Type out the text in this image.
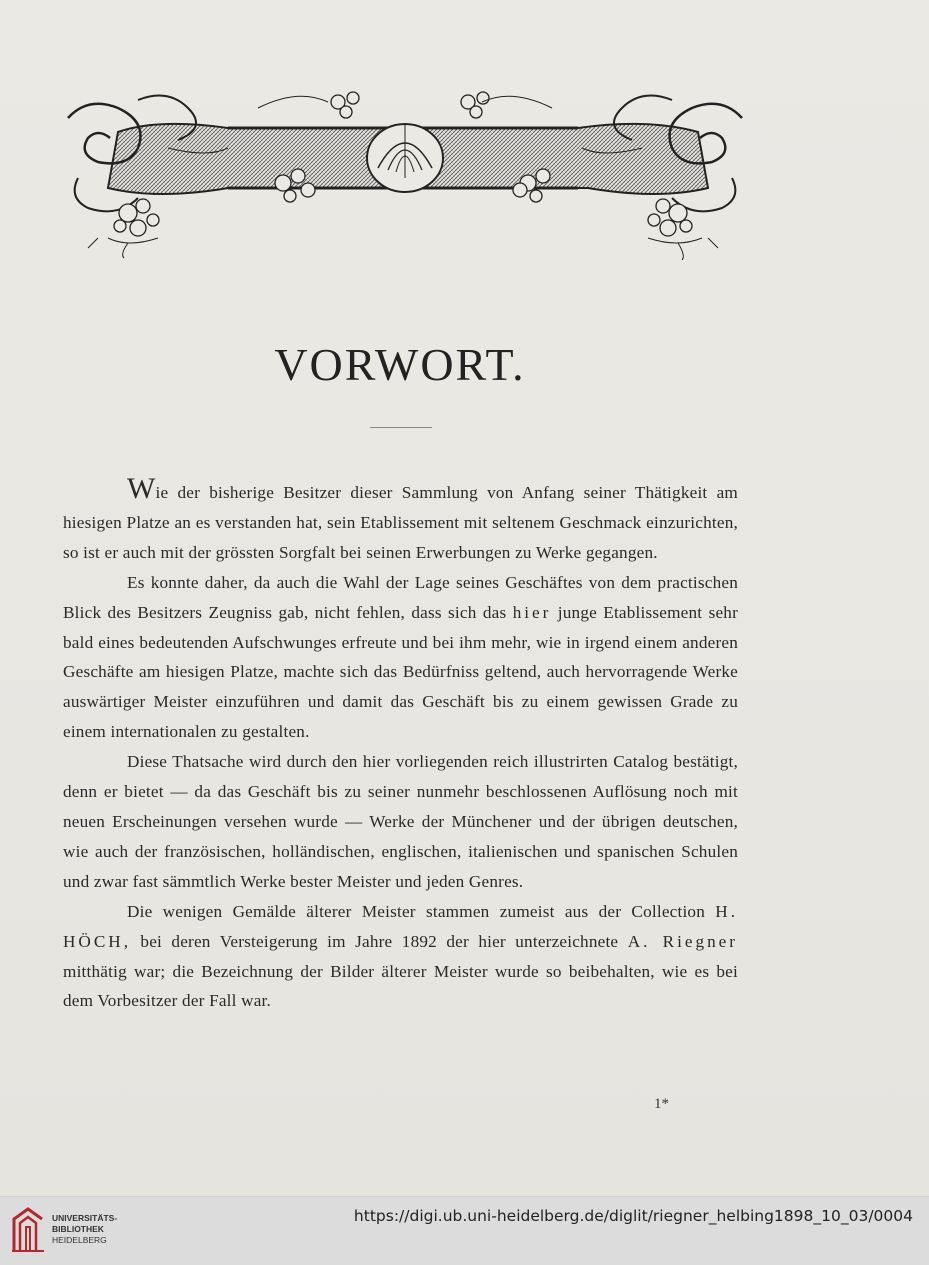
VORWORT.

Wie der bisherige Besitzer dieser Sammlung von Anfang seiner Thätigkeit am hiesigen Platze an es verstanden hat, sein Etablissement mit seltenem Geschmack einzurichten, so ist er auch mit der grössten Sorgfalt bei seinen Erwerbungen zu Werke gegangen.

Es konnte daher, da auch die Wahl der Lage seines Geschäftes von dem practischen Blick des Besitzers Zeugniss gab, nicht fehlen, dass sich das hier junge Etablissement sehr bald eines bedeutenden Aufschwunges erfreute und bei ihm mehr, wie in irgend einem anderen Geschäfte am hiesigen Platze, machte sich das Bedürfniss geltend, auch hervorragende Werke auswärtiger Meister einzuführen und damit das Geschäft bis zu einem gewissen Grade zu einem internationalen zu gestalten.

Diese Thatsache wird durch den hier vorliegenden reich illustrirten Catalog bestätigt, denn er bietet — da das Geschäft bis zu seiner nunmehr beschlossenen Auflösung noch mit neuen Erscheinungen versehen wurde — Werke der Münchener und der übrigen deutschen, wie auch der französischen, holländischen, englischen, italienischen und spanischen Schulen und zwar fast sämmtlich Werke bester Meister und jeden Genres.

Die wenigen Gemälde älterer Meister stammen zumeist aus der Collection H. HÖCH, bei deren Versteigerung im Jahre 1892 der hier unterzeichnete A. Riegner mitthätig war; die Bezeichnung der Bilder älterer Meister wurde so beibehalten, wie es bei dem Vorbesitzer der Fall war.

1*
UNIVERSITÄTS-
BIBLIOTHEK
HEIDELBERG
https://digi.ub.uni-heidelberg.de/diglit/riegner_helbing1898_10_03/0004
